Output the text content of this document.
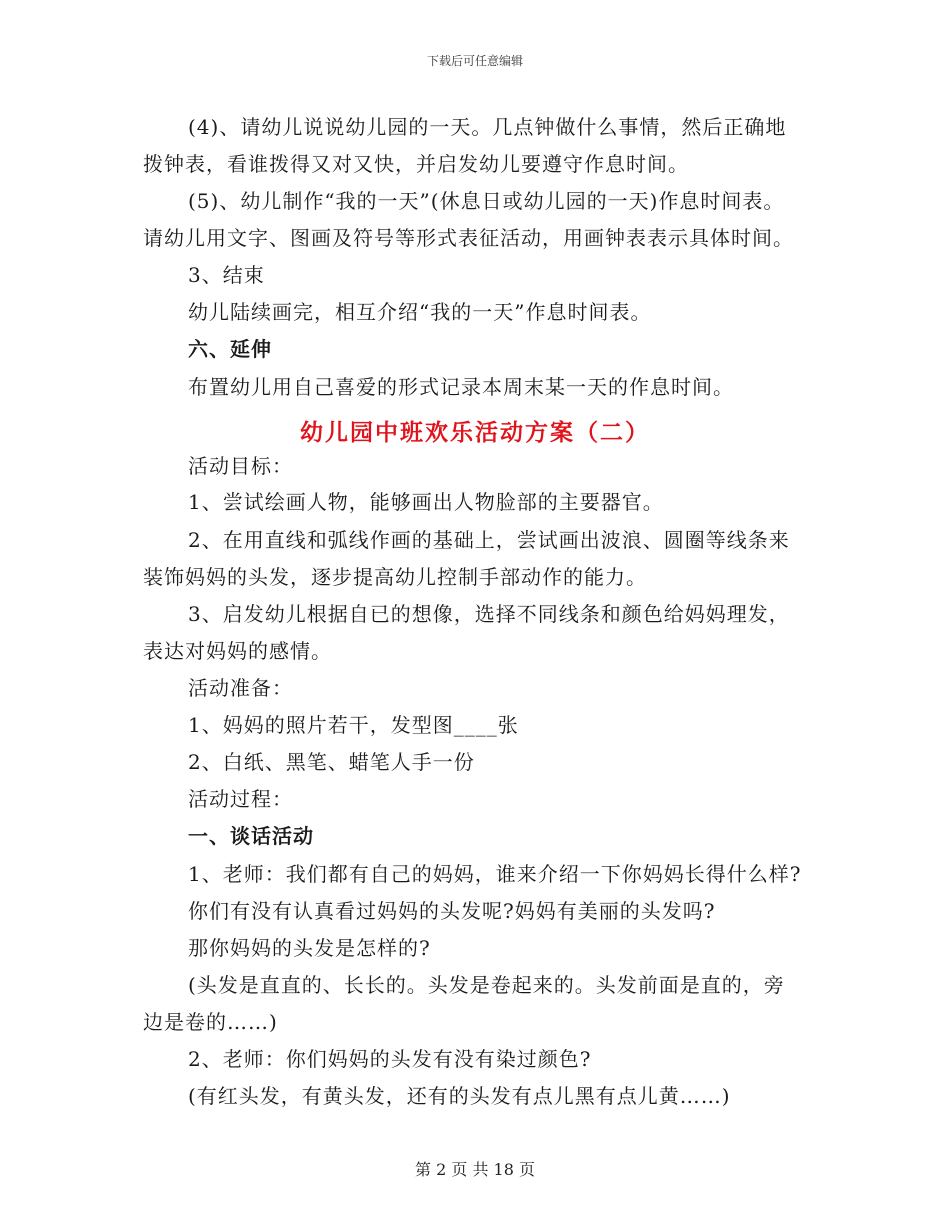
下载后可任意编辑
(4)、请幼儿说说幼儿园的一天。几点钟做什么事情，然后正确地
拨钟表，看谁拨得又对又快，并启发幼儿要遵守作息时间。
(5)、幼儿制作“我的一天”(休息日或幼儿园的一天)作息时间表。
请幼儿用文字、图画及符号等形式表征活动，用画钟表表示具体时间。
3、结束
幼儿陆续画完，相互介绍“我的一天”作息时间表。
六、延伸
布置幼儿用自己喜爱的形式记录本周末某一天的作息时间。
幼儿园中班欢乐活动方案（二）
活动目标：
1、尝试绘画人物，能够画出人物脸部的主要器官。
2、在用直线和弧线作画的基础上，尝试画出波浪、圆圈等线条来
装饰妈妈的头发，逐步提高幼儿控制手部动作的能力。
3、启发幼儿根据自已的想像，选择不同线条和颜色给妈妈理发，
表达对妈妈的感情。
活动准备：
1、妈妈的照片若干，发型图____张
2、白纸、黑笔、蜡笔人手一份
活动过程：
一、谈话活动
1、老师：我们都有自己的妈妈，谁来介绍一下你妈妈长得什么样?
你们有没有认真看过妈妈的头发呢?妈妈有美丽的头发吗?
那你妈妈的头发是怎样的?
(头发是直直的、长长的。头发是卷起来的。头发前面是直的，旁
边是卷的……)
2、老师：你们妈妈的头发有没有染过颜色?
(有红头发，有黄头发，还有的头发有点儿黑有点儿黄……)
第 2 页 共 18 页
